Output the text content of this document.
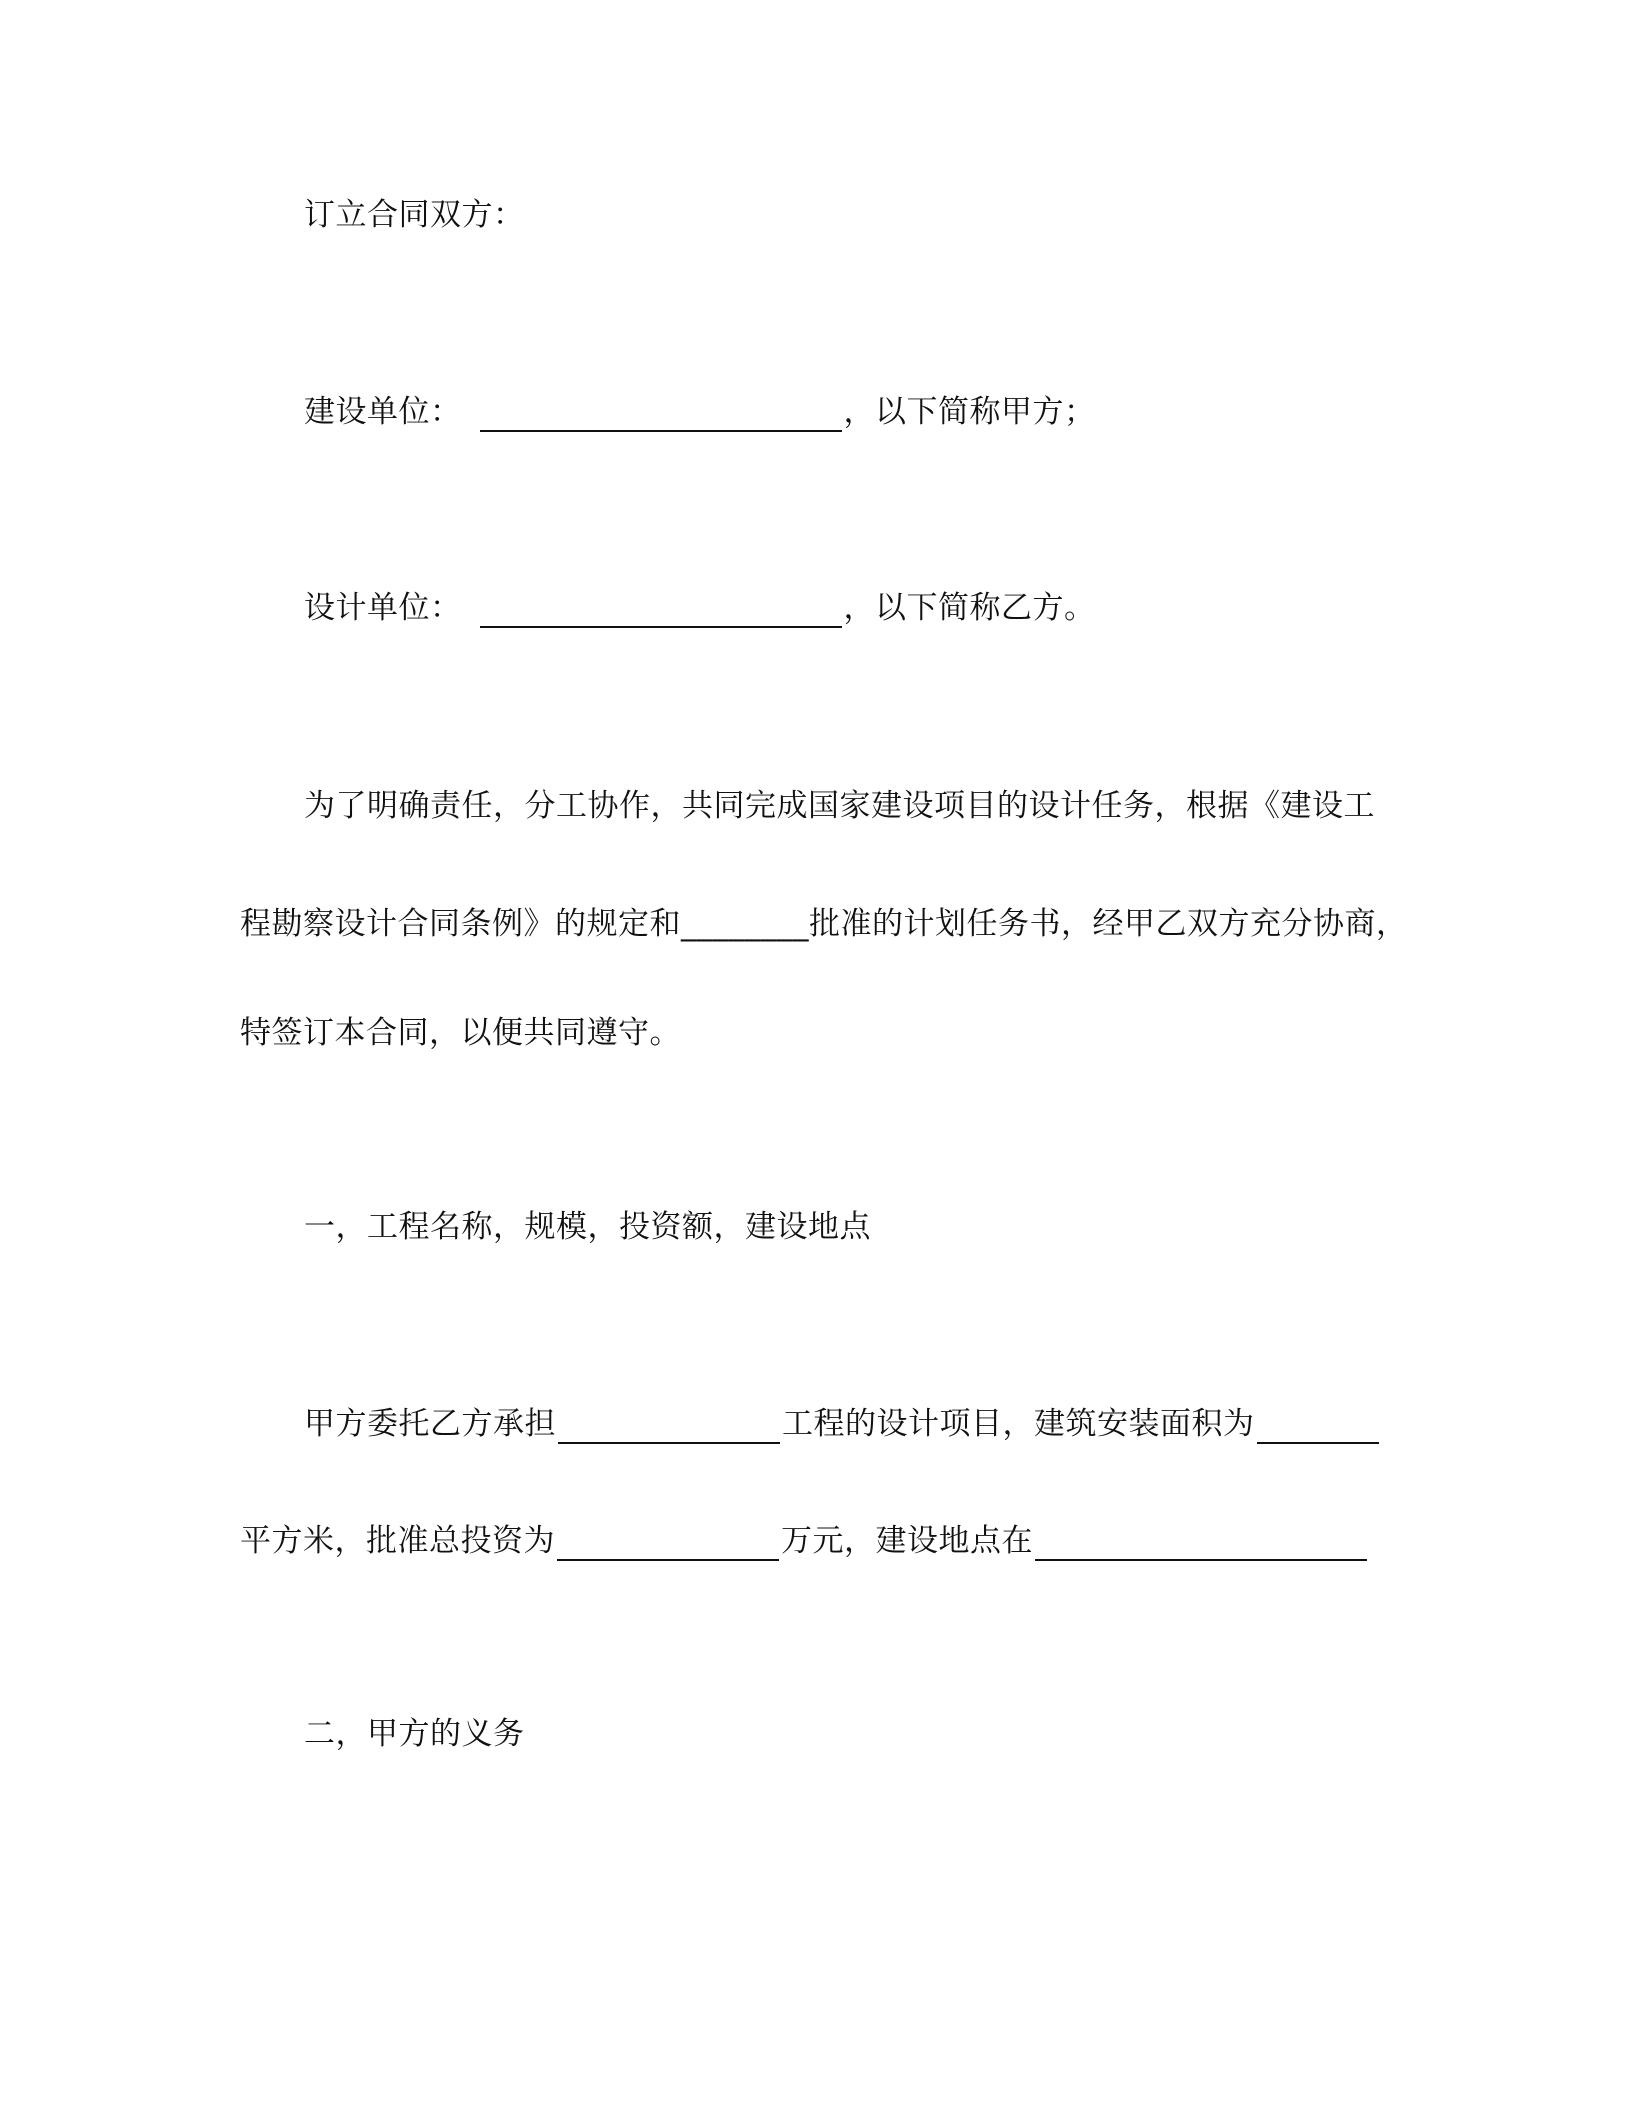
订立合同双方：
建设单位：	，以下简称甲方；
设计单位：	，以下简称乙方。
为了明确责任，分工协作，共同完成国家建设项目的设计任务，根据《建设工
程勘察设计合同条例》的规定和________批准的计划任务书，经甲乙双方充分协商，
特签订本合同，以便共同遵守。
一，工程名称，规模，投资额，建设地点
甲方委托乙方承担	工程的设计项目，建筑安装面积为
平方米，批准总投资为	万元，建设地点在
二，甲方的义务
